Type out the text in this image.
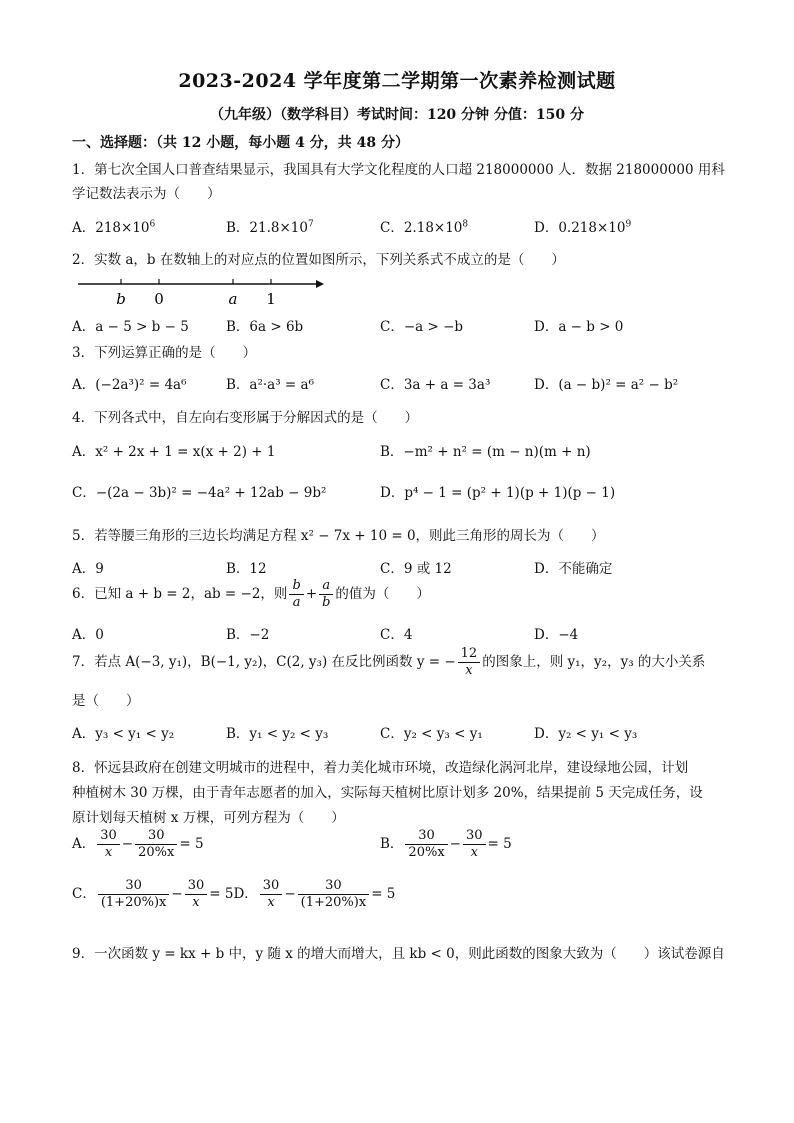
2023-2024 学年度第二学期第一次素养检测试题
（九年级）（数学科目）考试时间：120 分钟 分值：150 分
一、选择题：（共 12 小题，每小题 4 分，共 48 分）
1．第七次全国人口普查结果显示，我国具有大学文化程度的人口超 218000000 人．数据 218000000 用科
学记数法表示为（　　）
A．$218\times 10^6$	B．$21.8\times 10^7$	C．$2.18\times 10^8$	D．$0.218\times 10^9$
2．实数 a，b 在数轴上的对应点的位置如图所示，下列关系式不成立的是（　　）
b 0	a 1
A．a − 5 > b − 5	B．6a > 6b	C．−a > −b	D．a − b > 0
3．下列运算正确的是（　　）
A．(−2a³)² = 4a⁶	B．a²·a³ = a⁶	C．3a + a = 3a³	D．(a − b)² = a² − b²
4．下列各式中，自左向右变形属于分解因式的是（　　）
A．x² + 2x + 1 = x(x + 2) + 1	B．−m² + n² = (m − n)(m + n)
C．−(2a − 3b)² = −4a² + 12ab − 9b²	D．p⁴ − 1 = (p² + 1)(p + 1)(p − 1)
5．若等腰三角形的三边长均满足方程 x² − 7x + 10 = 0，则此三角形的周长为（　　）
A．9	B．12	C．9 或 12	D．不能确定
6．已知 a + b = 2，ab = −2，则 $\frac{b}{a} + \frac{a}{b}$ 的值为（　　）
A．0	B．−2	C．4	D．−4
7．若点 A(−3, y₁)，B(−1, y₂)，C(2, y₃) 在反比例函数 y = − $\frac{12}{x}$ 的图象上，则 y₁，y₂，y₃ 的大小关系
是（　　）
A．y₃ < y₁ < y₂	B．y₁ < y₂ < y₃	C．y₂ < y₃ < y₁	D．y₂ < y₁ < y₃
8．怀远县政府在创建文明城市的进程中，着力美化城市环境，改造绿化涡河北岸，建设绿地公园，计划
种植树木 30 万棵，由于青年志愿者的加入，实际每天植树比原计划多 20%，结果提前 5 天完成任务，设
原计划每天植树 x 万棵，可列方程为（　　）
A． $\frac{30}{x} - \frac{30}{20\%x} = 5$	B． $\frac{30}{20\%x} - \frac{30}{x} = 5$
C． $\frac{30}{(1+20\%)x} - \frac{30}{x} = 5D$． $\frac{30}{x} - \frac{30}{(1+20\%)x} = 5$
9．一次函数 y = kx + b 中，y 随 x 的增大而增大，且 kb < 0，则此函数的图象大致为（　　）该试卷源自
